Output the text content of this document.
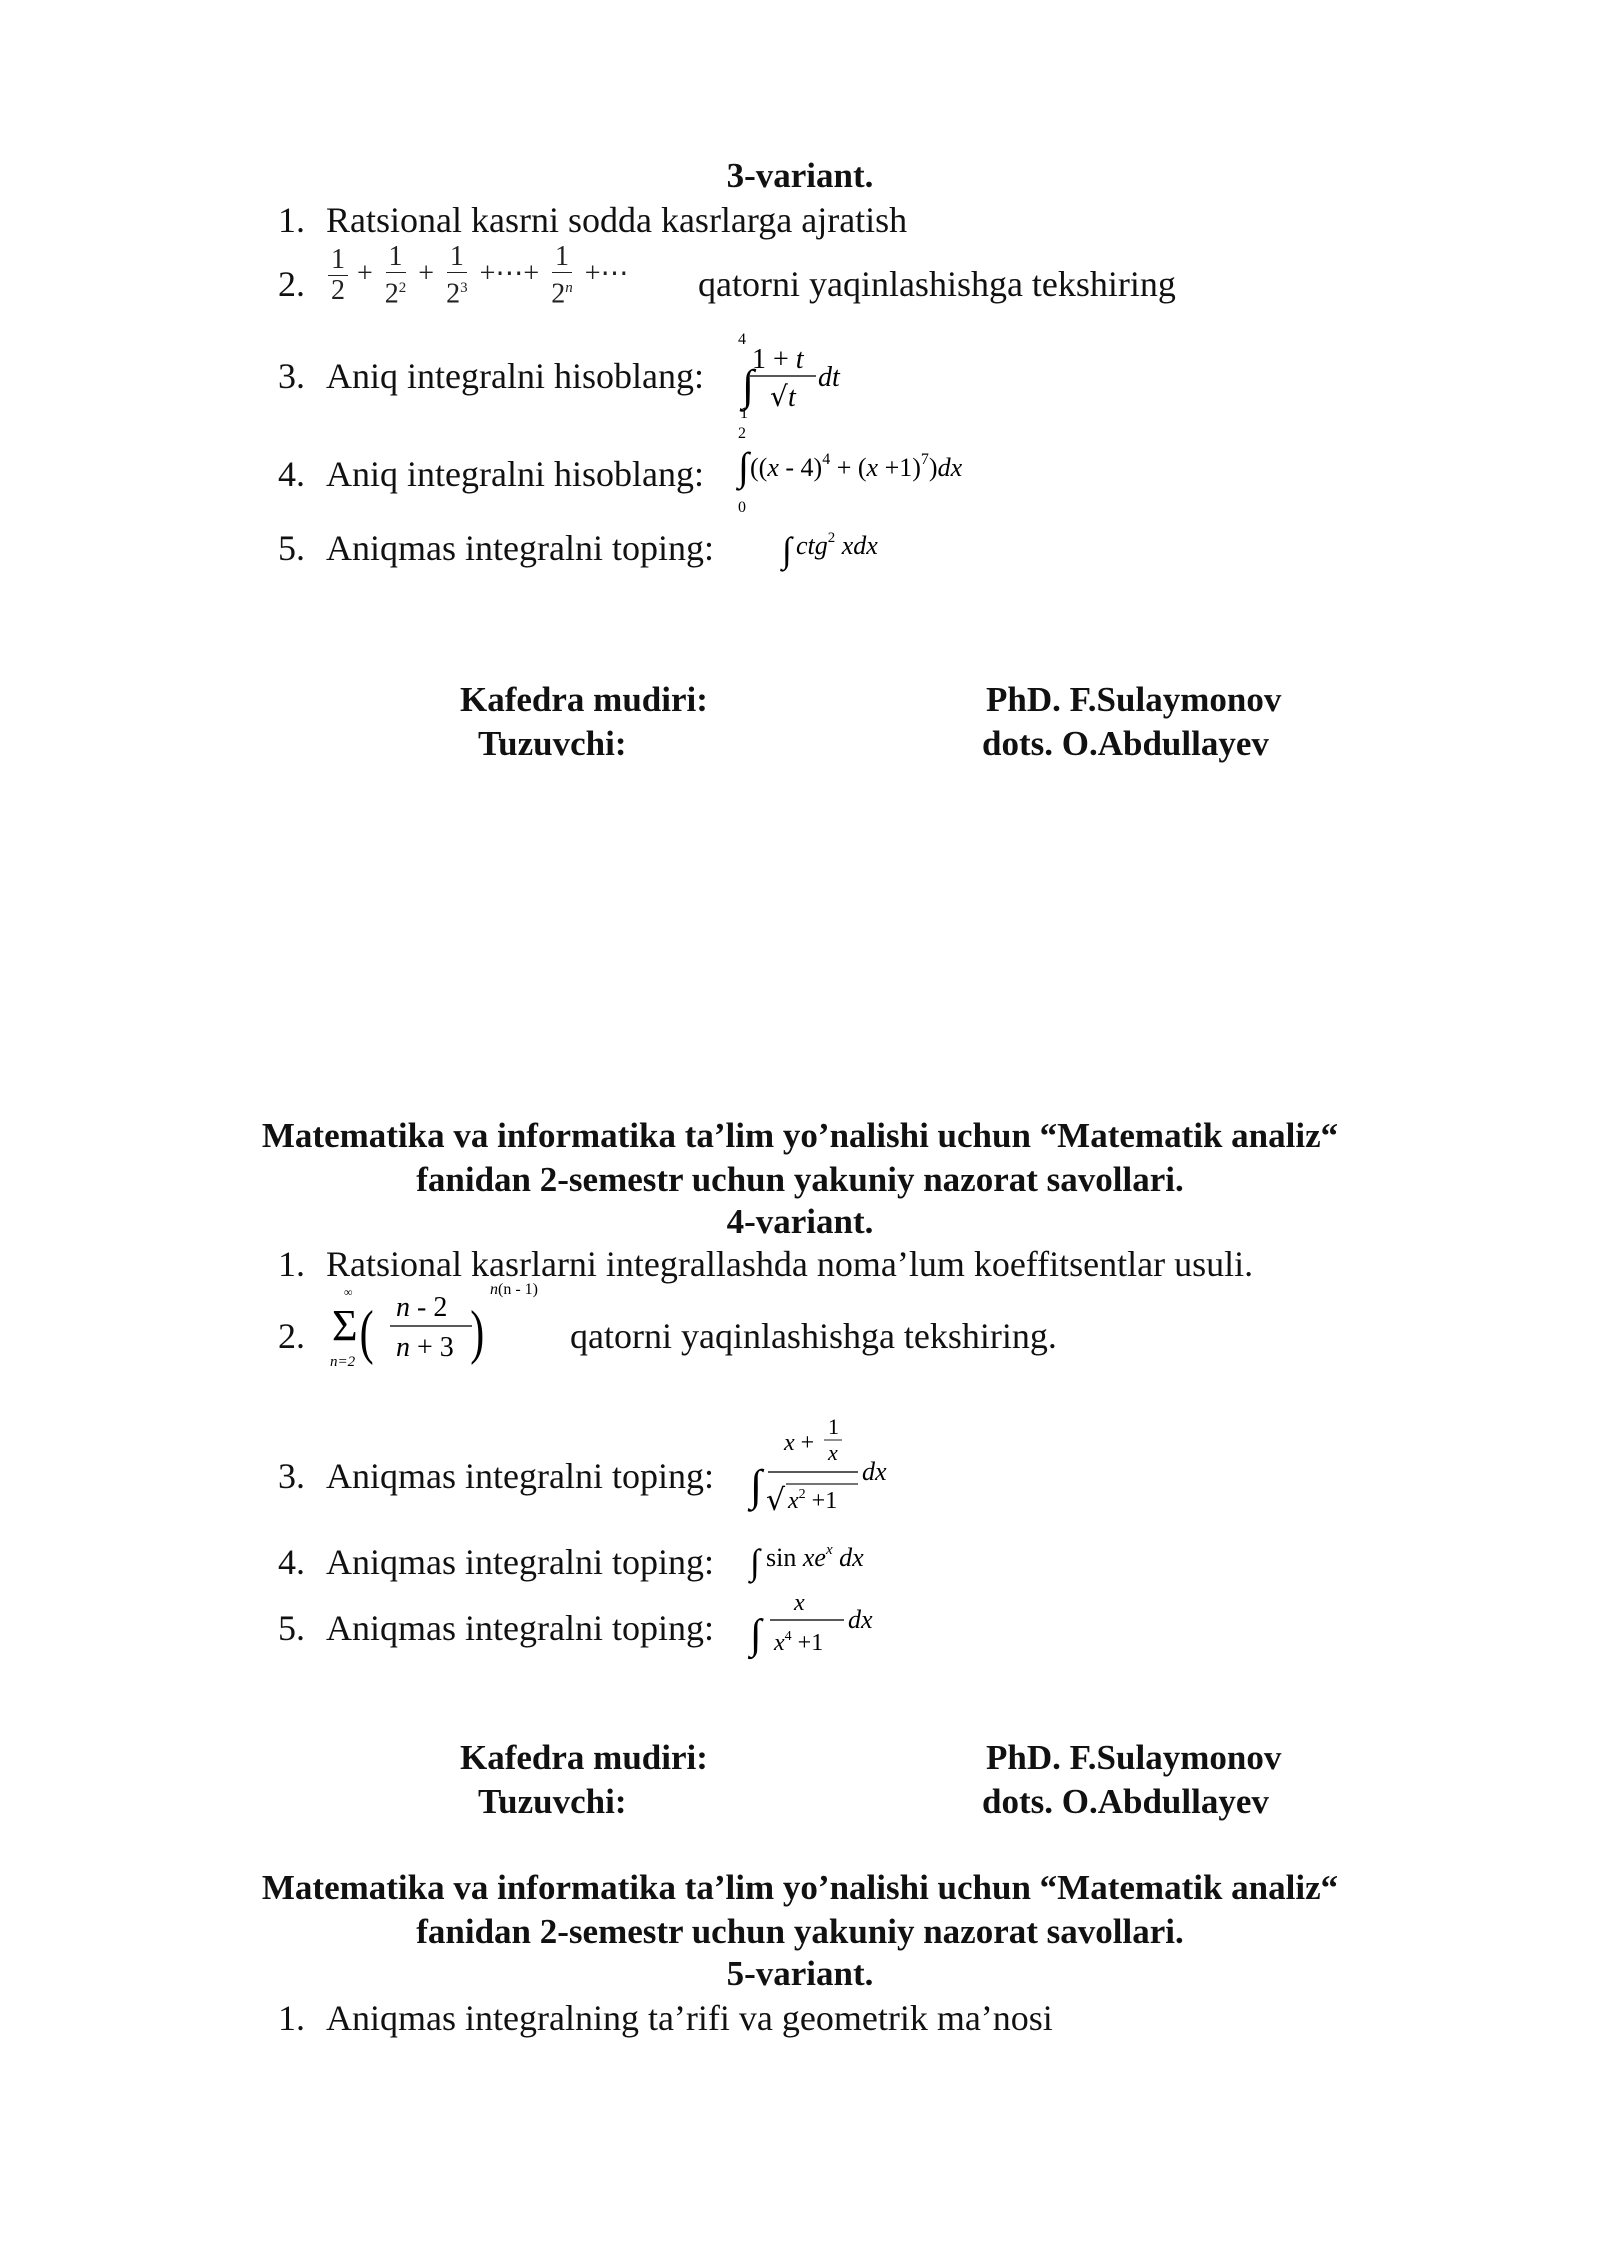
3-variant.
1. Ratsional kasrni sodda kasrlarga ajratish
2. $\frac{1}{2} + \frac{1}{2^2} + \frac{1}{2^3}$ +⋯+ $\frac{1}{2^n}$ +⋯ qatorni yaqinlashishga tekshiring
3. Aniq integralni hisoblang:
4
∫
1
1 + t
√ t
dt
4. Aniq integralni hisoblang:
2
∫
0
$((x - 4)^4 + (x +1)^7)dx$
5. Aniqmas integralni toping: ∫ ctg$^2$ xdx
Kafedra mudiri:	PhD. F.Sulaymonov
Tuzuvchi:	dots. O.Abdullayev
Matematika va informatika ta’lim yo’nalishi uchun “Matematik analiz“
fanidan 2-semestr uchun yakuniy nazorat savollari.
4-variant.
1. Ratsional kasrlarni integrallashda noma’lum koeffitsentlar usuli.
2.
∞
Σ
n=2 ( n - 2
n + 3 )
n(n - 1)
qatorni yaqinlashishga tekshiring.
3. Aniqmas integralni toping: ∫
x +
1
x
√ $x^2 +1$
dx
4. Aniqmas integralni toping: ∫ $\sin xe^x$ dx
5. Aniqmas integralni toping: ∫
x
$x^4 +1$
dx
Kafedra mudiri:	PhD. F.Sulaymonov
Tuzuvchi:	dots. O.Abdullayev
Matematika va informatika ta’lim yo’nalishi uchun “Matematik analiz“
fanidan 2-semestr uchun yakuniy nazorat savollari.
5-variant.
1. Aniqmas integralning ta’rifi va geometrik ma’nosi
